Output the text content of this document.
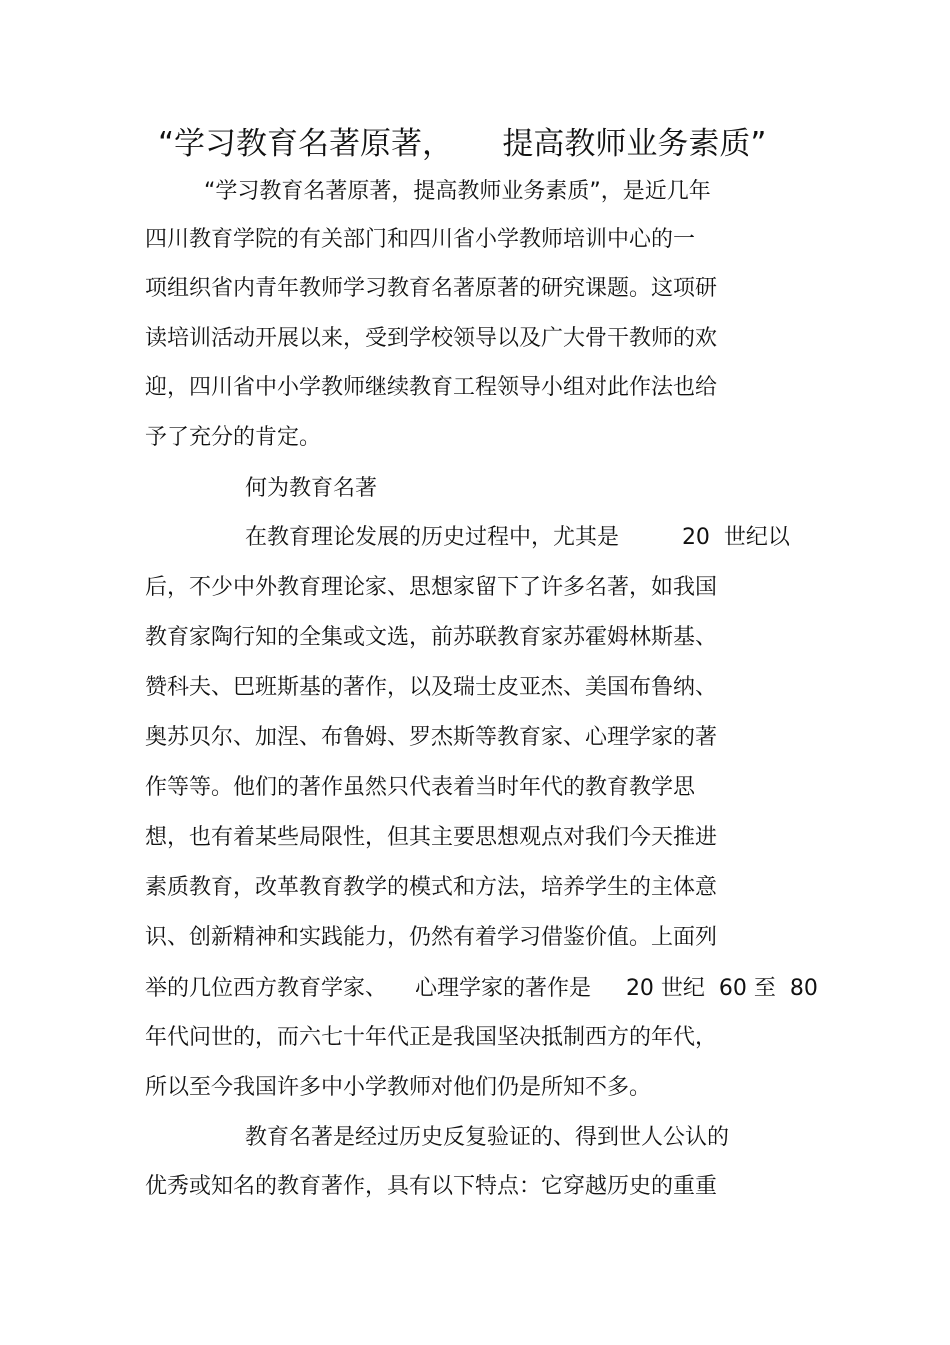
“学习教育名著原著，     提高教师业务素质”
“学习教育名著原著，提高教师业务素质”，是近几年
四川教育学院的有关部门和四川省小学教师培训中心的一
项组织省内青年教师学习教育名著原著的研究课题。这项研
读培训活动开展以来，受到学校领导以及广大骨干教师的欢
迎，四川省中小学教师继续教育工程领导小组对此作法也给
予了充分的肯定。
何为教育名著
在教育理论发展的历史过程中，尤其是         20  世纪以
后，不少中外教育理论家、思想家留下了许多名著，如我国
教育家陶行知的全集或文选，前苏联教育家苏霍姆林斯基、
赞科夫、巴班斯基的著作，以及瑞士皮亚杰、美国布鲁纳、
奥苏贝尔、加涅、布鲁姆、罗杰斯等教育家、心理学家的著
作等等。他们的著作虽然只代表着当时年代的教育教学思
想，也有着某些局限性，但其主要思想观点对我们今天推进
素质教育，改革教育教学的模式和方法，培养学生的主体意
识、创新精神和实践能力，仍然有着学习借鉴价值。上面列
举的几位西方教育学家、    心理学家的著作是     20 世纪  60 至  80
年代问世的，而六七十年代正是我国坚决抵制西方的年代，
所以至今我国许多中小学教师对他们仍是所知不多。
教育名著是经过历史反复验证的、得到世人公认的
优秀或知名的教育著作，具有以下特点：它穿越历史的重重
